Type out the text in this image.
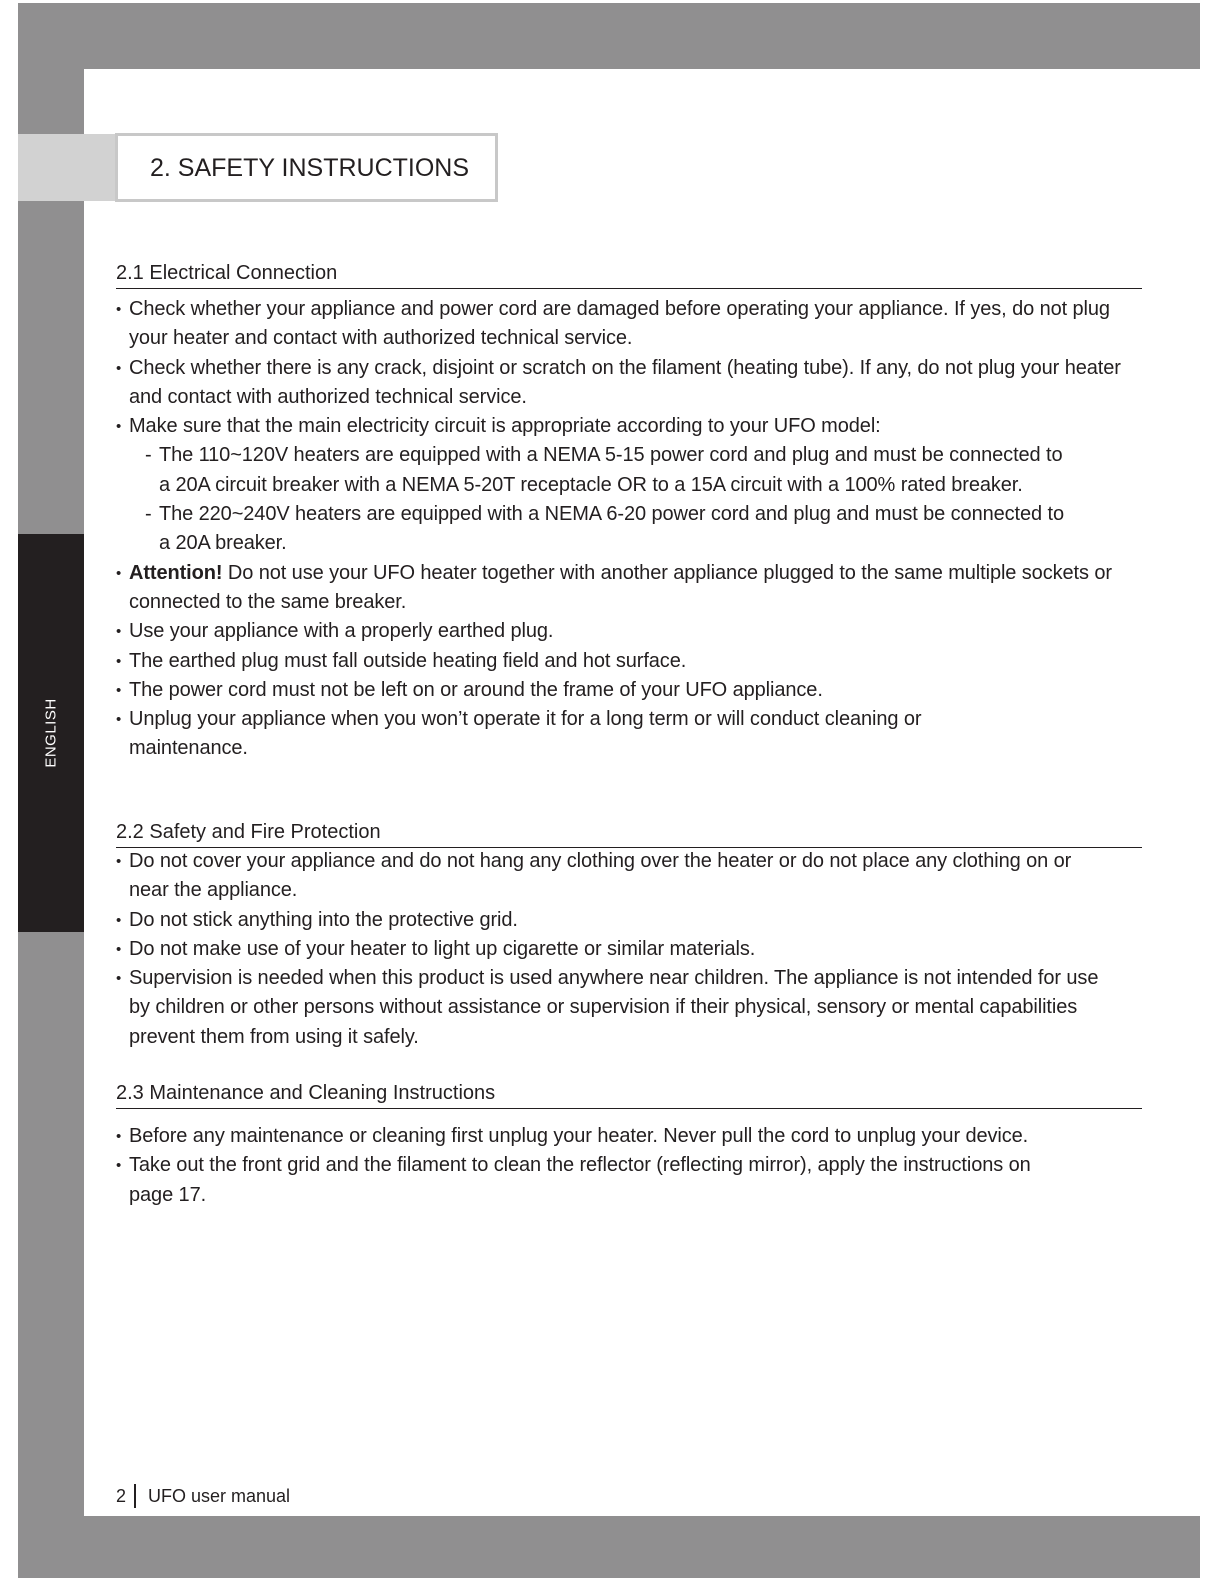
ENGLISH
2. SAFETY INSTRUCTIONS
2.1 Electrical Connection
• Check whether your appliance and power cord are damaged before operating your appliance. If yes, do not plug your heater and contact with authorized technical service.
• Check whether there is any crack, disjoint or scratch on the filament (heating tube). If any, do not plug your heater and contact with authorized technical service.
• Make sure that the main electricity circuit is appropriate according to your UFO model:
- The 110~120V heaters are equipped with a NEMA 5-15 power cord and plug and must be connected to a 20A circuit breaker with a NEMA 5-20T receptacle OR to a 15A circuit with a 100% rated breaker.
- The 220~240V heaters are equipped with a NEMA 6-20 power cord and plug and must be connected to a 20A breaker.
• Attention! Do not use your UFO heater together with another appliance plugged to the same multiple sockets or connected to the same breaker.
• Use your appliance with a properly earthed plug.
• The earthed plug must fall outside heating field and hot surface.
• The power cord must not be left on or around the frame of your UFO appliance.
• Unplug your appliance when you won’t operate it for a long term or will conduct cleaning or maintenance.
2.2 Safety and Fire Protection
• Do not cover your appliance and do not hang any clothing over the heater or do not place any clothing on or near the appliance.
• Do not stick anything into the protective grid.
• Do not make use of your heater to light up cigarette or similar materials.
• Supervision is needed when this product is used anywhere near children. The appliance is not intended for use by children or other persons without assistance or supervision if their physical, sensory or mental capabilities prevent them from using it safely.
2.3 Maintenance and Cleaning Instructions
• Before any maintenance or cleaning first unplug your heater. Never pull the cord to unplug your device.
• Take out the front grid and the filament to clean the reflector (reflecting mirror), apply the instructions on page 17.
2 UFO user manual
